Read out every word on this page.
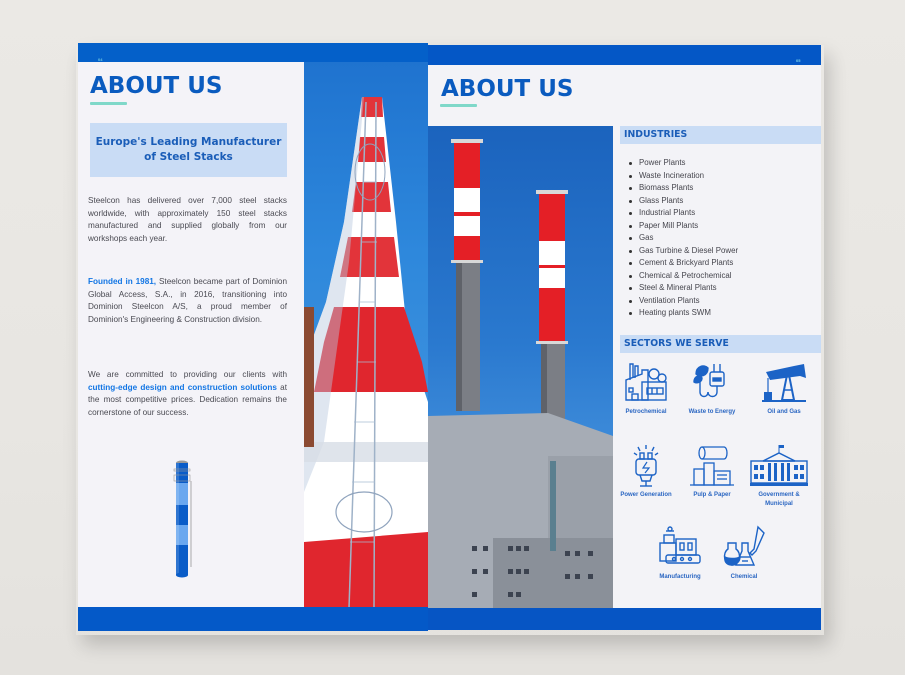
04
ABOUT US
Europe's Leading Manufacturer
of Steel Stacks

Steelcon has delivered over 7,000 steel stacks worldwide, with approximately 150 steel stacks manufactured and supplied globally from our workshops each year.

Founded in 1981, Steelcon became part of Dominion Global Access, S.A., in 2016, transitioning into Dominion Steelcon A/S, a proud member of Dominion's Engineering & Construction division.

We are committed to providing our clients with cutting-edge design and construction solutions at the most competitive prices. Dedication remains the cornerstone of our success.

05
ABOUT US
INDUSTRIES
Power Plants
Waste Incineration
Biomass Plants
Glass Plants
Industrial Plants
Paper Mill Plants
Gas
Gas Turbine & Diesel Power
Cement & Brickyard Plants
Chemical & Petrochemical
Steel & Mineral Plants
Ventilation Plants
Heating plants SWM
SECTORS WE SERVE
Petrochemical	Waste to Energy	Oil and Gas
Power Generation	Pulp & Paper	Government & Municipal
Manufacturing	Chemical
